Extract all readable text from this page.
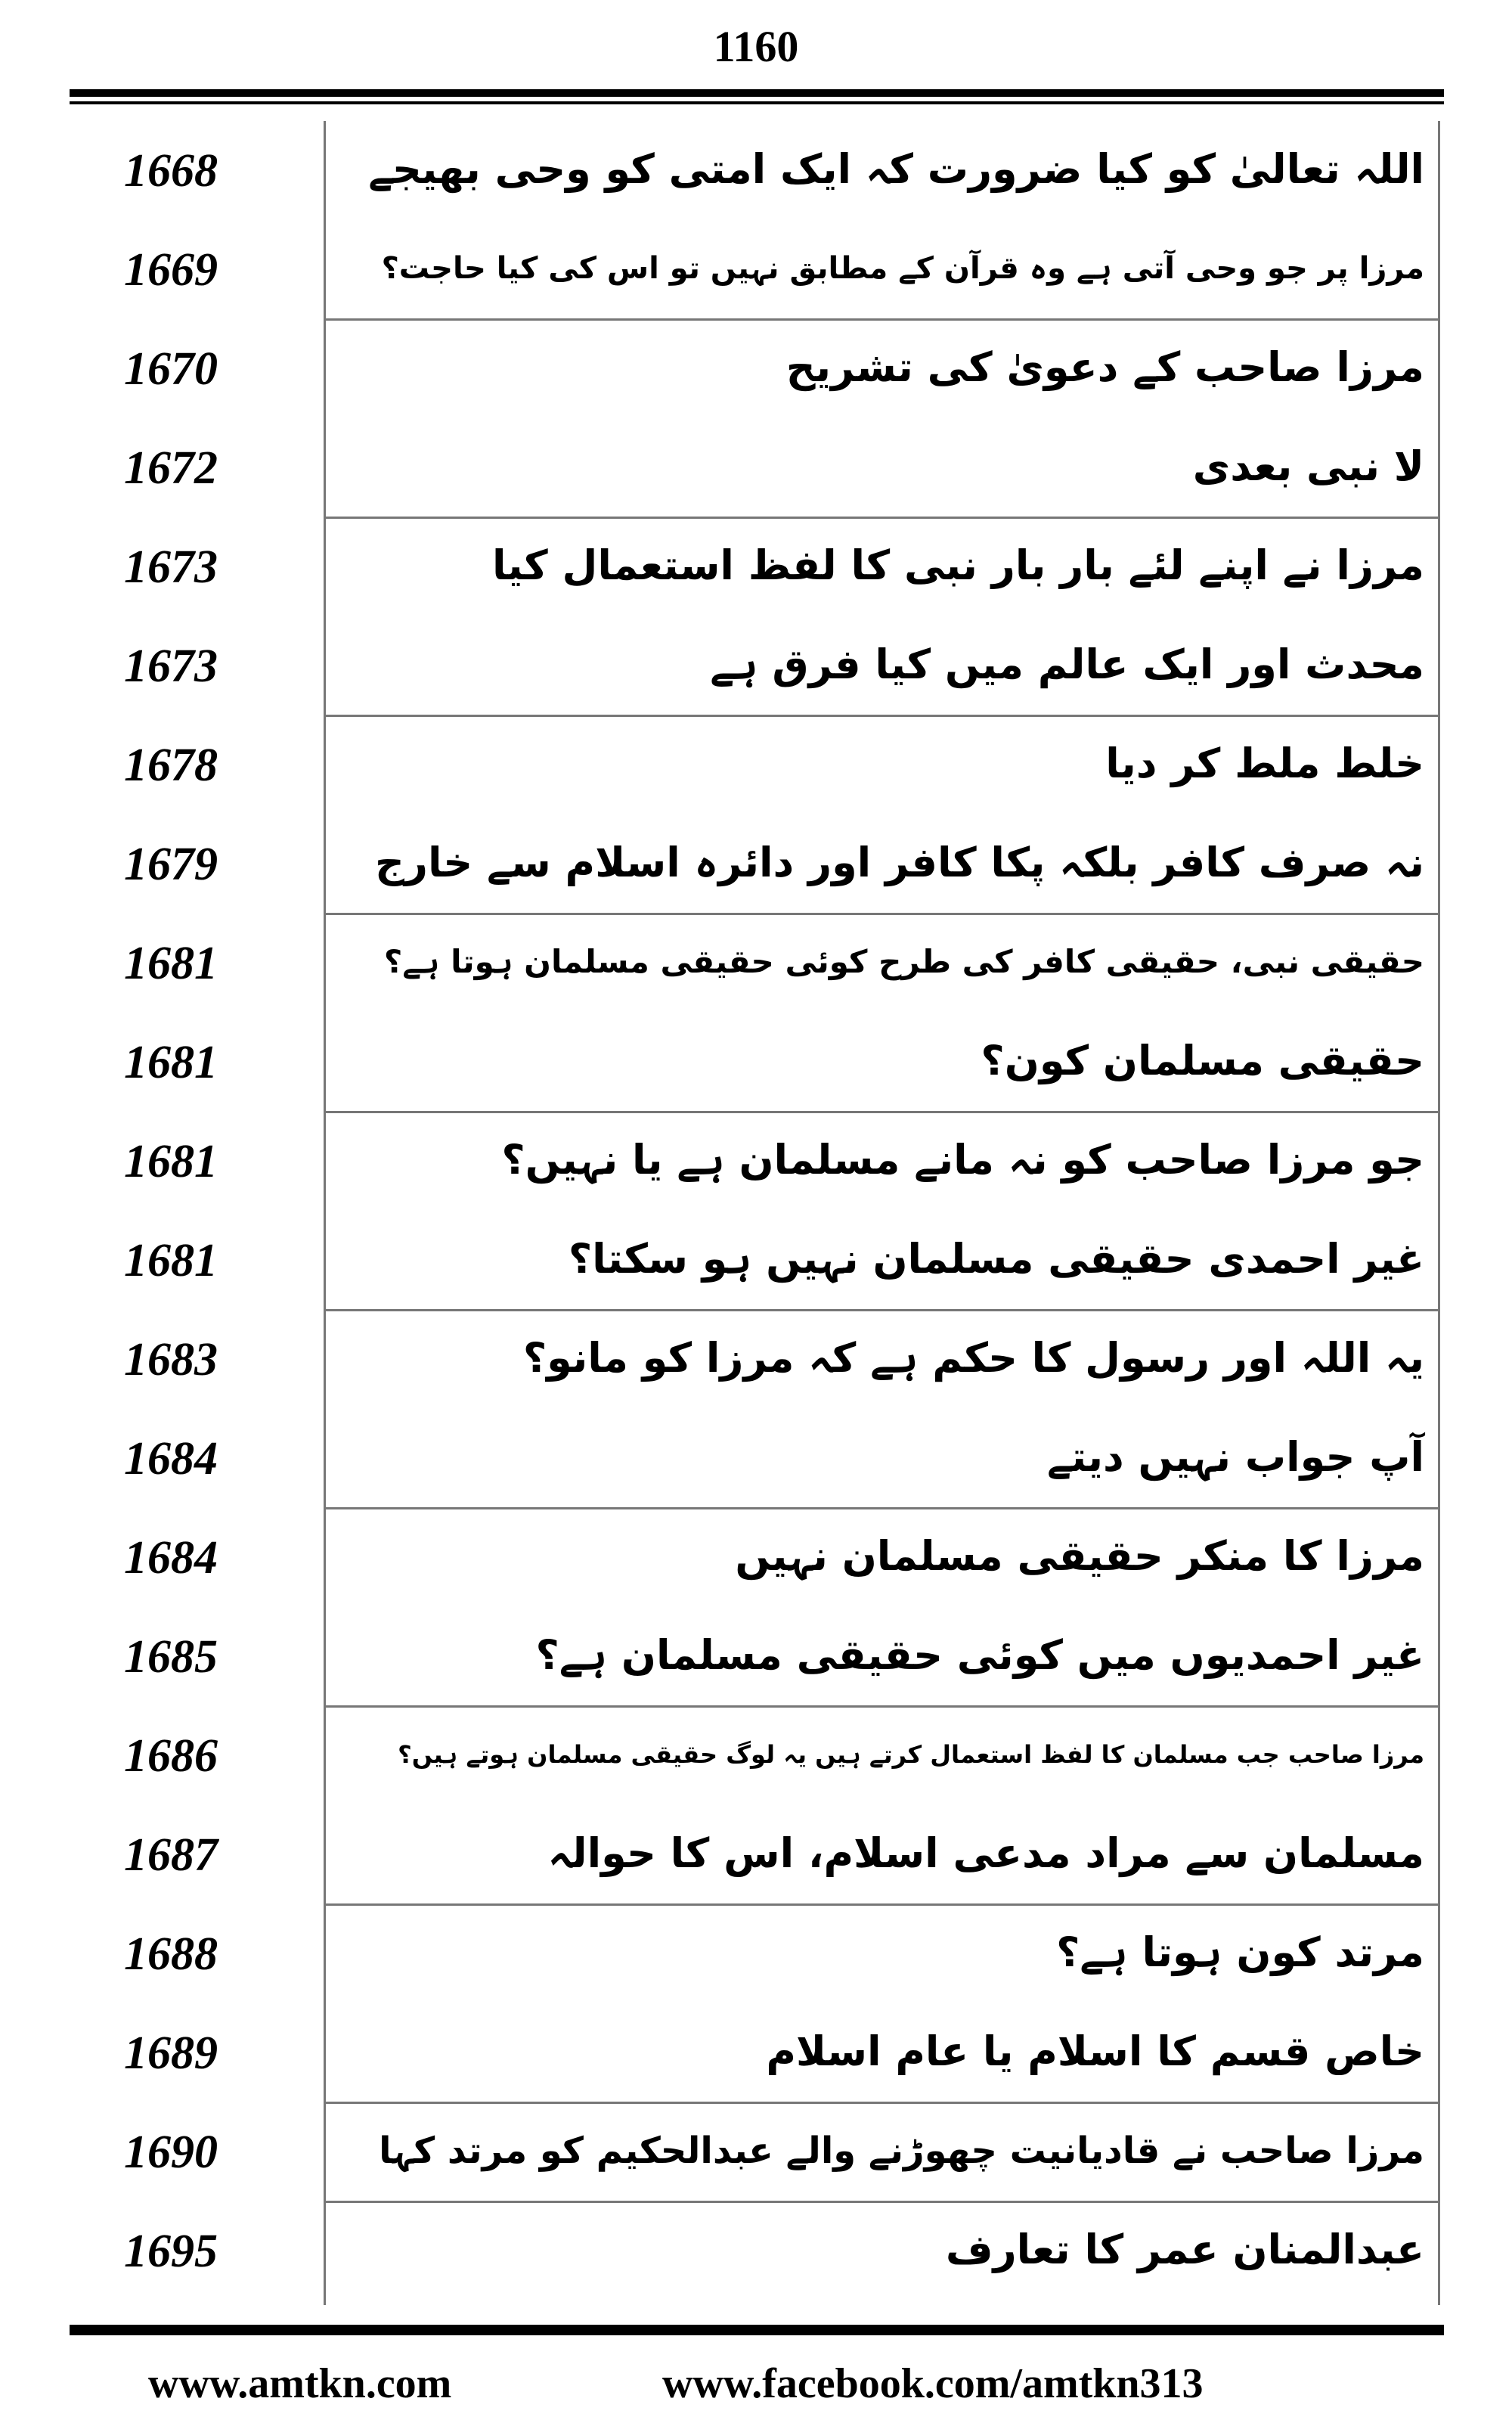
1160
1668	اللہ تعالیٰ کو کیا ضرورت کہ ایک امتی کو وحی بھیجے
1669	مرزا پر جو وحی آتی ہے وہ قرآن کے مطابق نہیں تو اس کی کیا حاجت؟
1670	مرزا صاحب کے دعویٰ کی تشریح
1672	لا نبی بعدی
1673	مرزا نے اپنے لئے بار بار نبی کا لفظ استعمال کیا
1673	محدث اور ایک عالم میں کیا فرق ہے
1678	خلط ملط کر دیا
1679	نہ صرف کافر بلکہ پکا کافر اور دائرہ اسلام سے خارج
1681	حقیقی نبی، حقیقی کافر کی طرح کوئی حقیقی مسلمان ہوتا ہے؟
1681	حقیقی مسلمان کون؟
1681	جو مرزا صاحب کو نہ مانے مسلمان ہے یا نہیں؟
1681	غیر احمدی حقیقی مسلمان نہیں ہو سکتا؟
1683	یہ اللہ اور رسول کا حکم ہے کہ مرزا کو مانو؟
1684	آپ جواب نہیں دیتے
1684	مرزا کا منکر حقیقی مسلمان نہیں
1685	غیر احمدیوں میں کوئی حقیقی مسلمان ہے؟
1686	مرزا صاحب جب مسلمان کا لفظ استعمال کرتے ہیں یہ لوگ حقیقی مسلمان ہوتے ہیں؟
1687	مسلمان سے مراد مدعی اسلام، اس کا حوالہ
1688	مرتد کون ہوتا ہے؟
1689	خاص قسم کا اسلام یا عام اسلام
1690	مرزا صاحب نے قادیانیت چھوڑنے والے عبدالحکیم کو مرتد کہا
1695	عبدالمنان عمر کا تعارف
www.amtkn.com	www.facebook.com/amtkn313
